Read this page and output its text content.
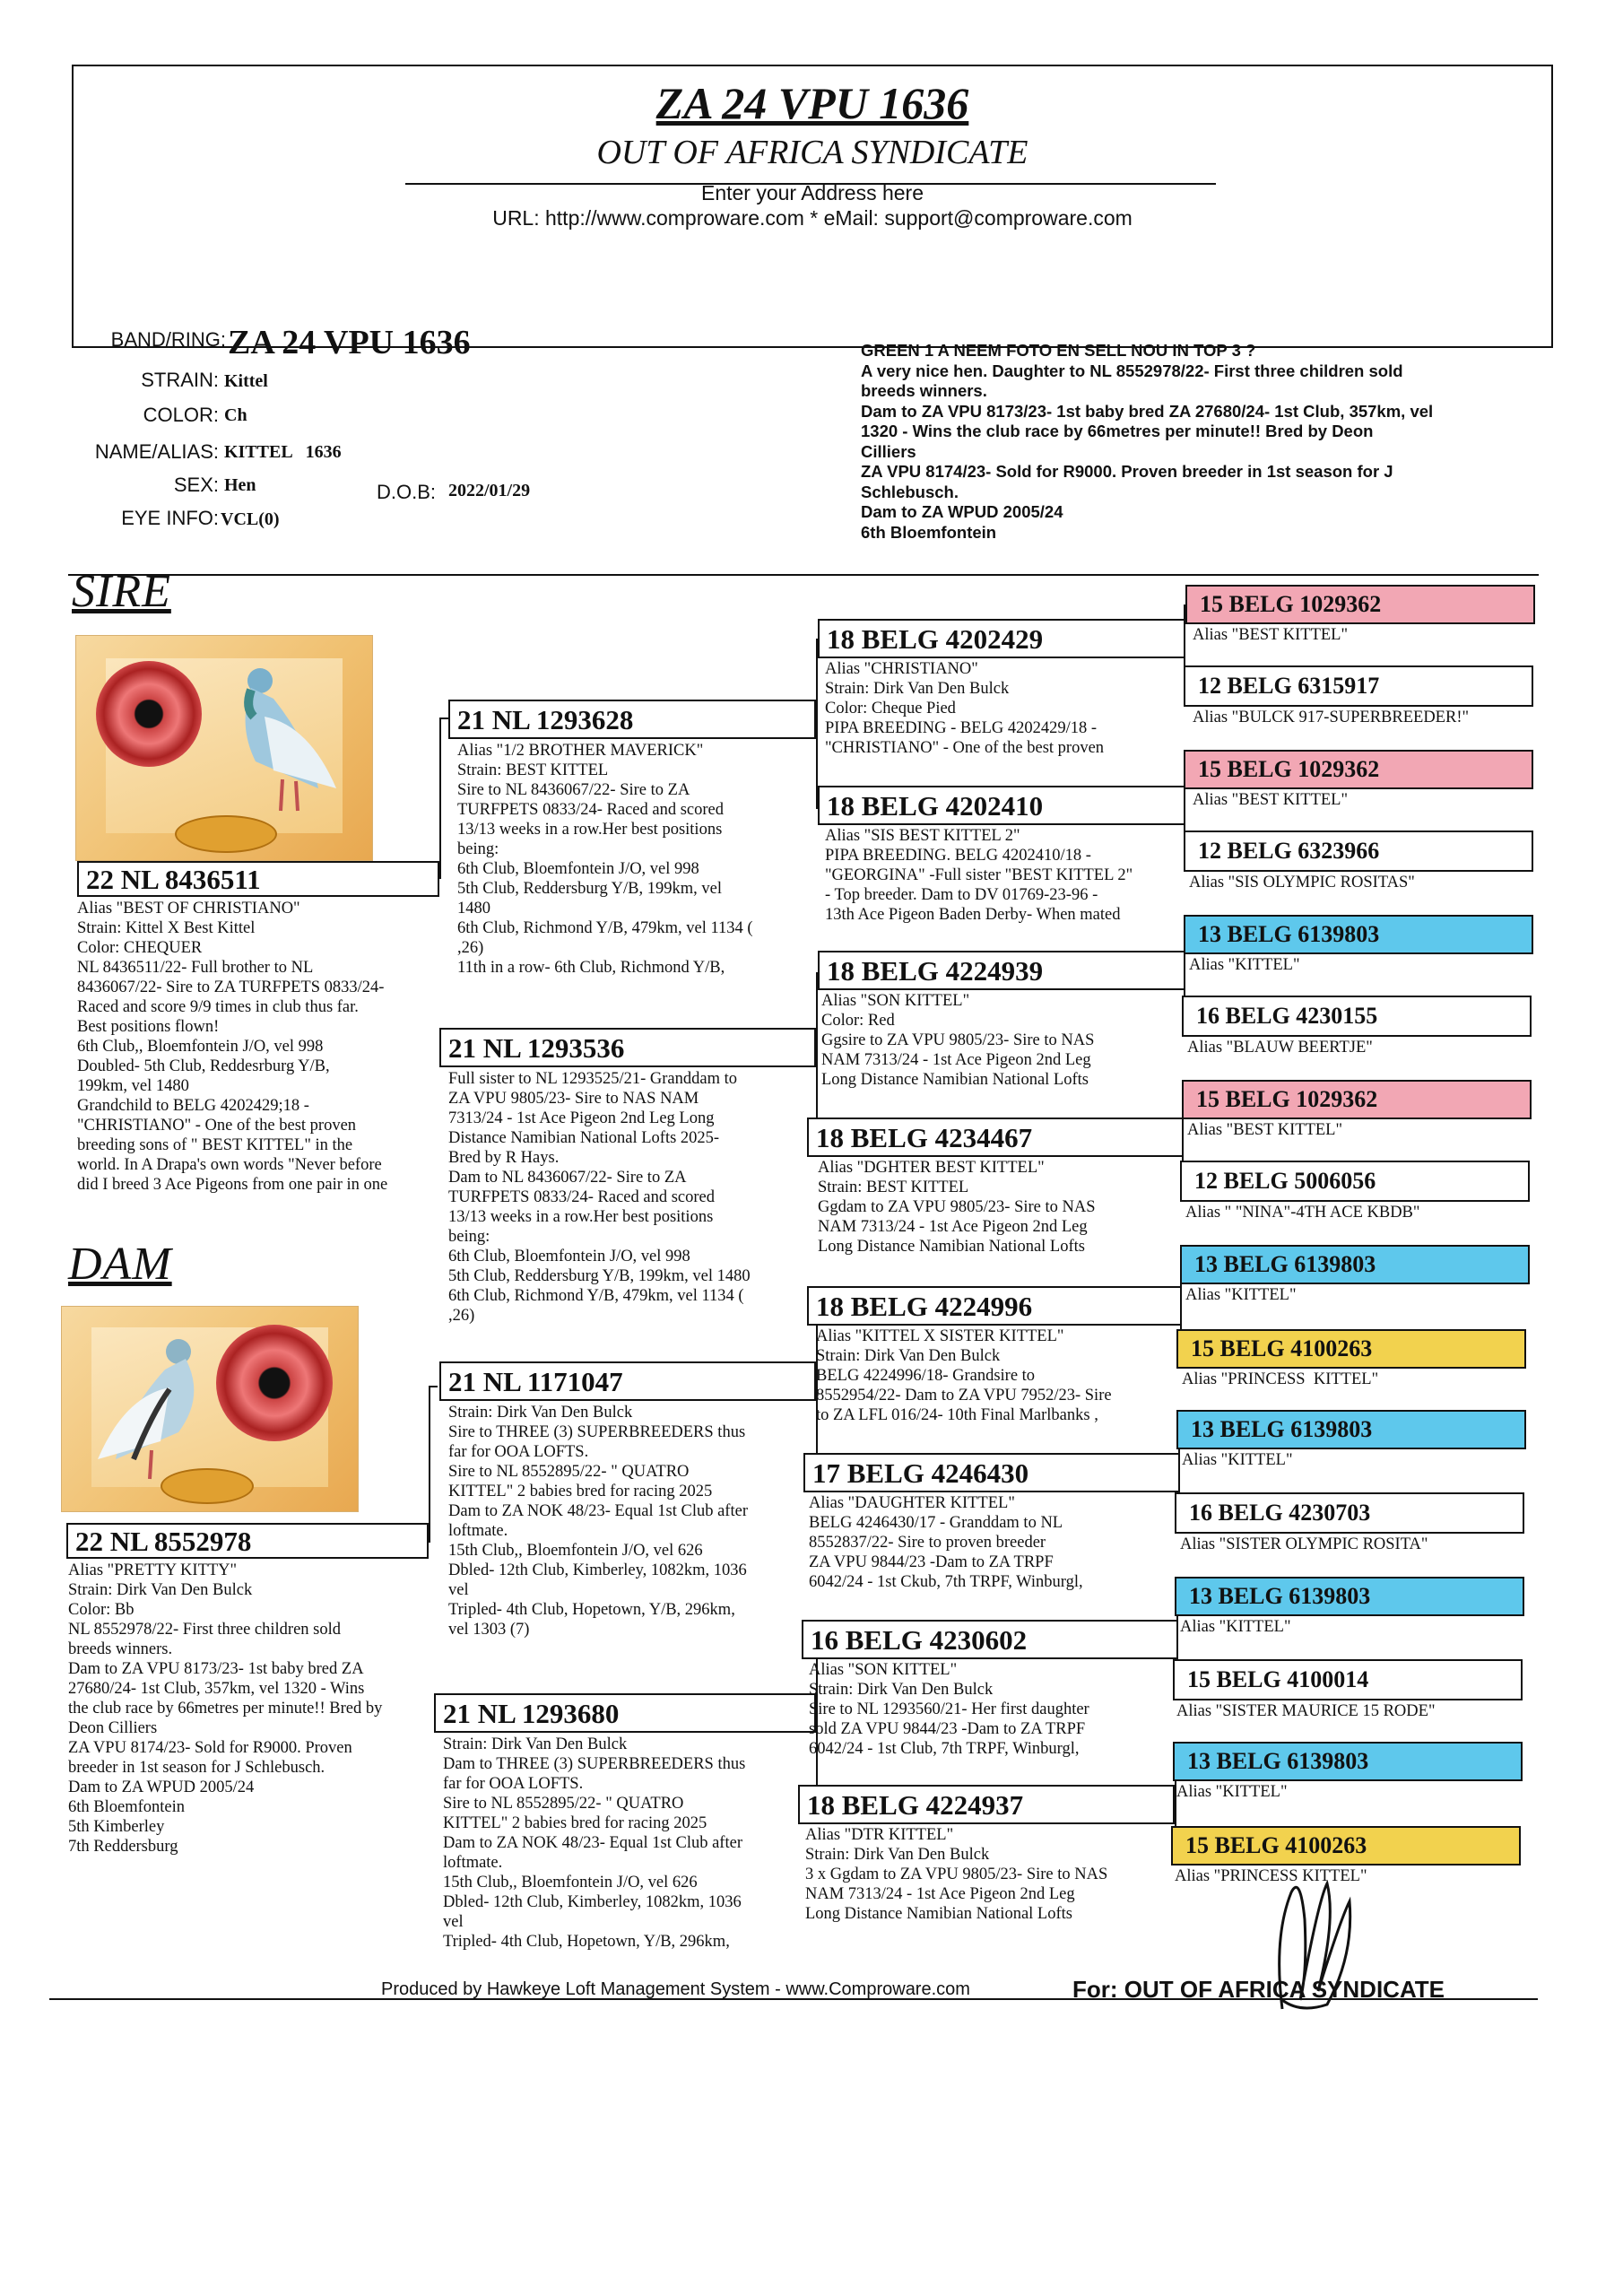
ZA 24 VPU 1636
OUT OF AFRICA SYNDICATE
Enter your Address here
URL: http://www.comproware.com * eMail: support@comproware.com
BAND/RING: ZA 24 VPU 1636
STRAIN: Kittel
COLOR: Ch
NAME/ALIAS: KITTEL   1636
SEX: Hen	D.O.B: 2022/01/29
EYE INFO: VCL(0)
GREEN 1 A NEEM FOTO EN SELL NOU IN TOP 3 ?
A very nice hen. Daughter to NL 8552978/22- First three children sold
breeds winners.
Dam to ZA VPU 8173/23- 1st baby bred ZA 27680/24- 1st Club, 357km, vel
1320 - Wins the club race by 66metres per minute!! Bred by Deon
Cilliers
ZA VPU 8174/23- Sold for R9000. Proven breeder in 1st season for J
Schlebusch.
Dam to ZA WPUD 2005/24
6th Bloemfontein
SIRE
22 NL 8436511
Alias "BEST OF CHRISTIANO"
Strain: Kittel X Best Kittel
Color: CHEQUER
NL 8436511/22- Full brother to NL
8436067/22- Sire to ZA TURFPETS 0833/24-
Raced and score 9/9 times in club thus far.
Best positions flown!
6th Club,, Bloemfontein J/O, vel 998
Doubled- 5th Club, Reddesrburg Y/B,
199km, vel 1480
Grandchild to BELG 4202429;18 -
"CHRISTIANO" - One of the best proven
breeding sons of " BEST KITTEL" in the
world. In A Drapa's own words "Never before
did I breed 3 Ace Pigeons from one pair in one
DAM
22 NL 8552978
Alias "PRETTY KITTY"
Strain: Dirk Van Den Bulck
Color: Bb
NL 8552978/22- First three children sold
breeds winners.
Dam to ZA VPU 8173/23- 1st baby bred ZA
27680/24- 1st Club, 357km, vel 1320 - Wins
the club race by 66metres per minute!! Bred by
Deon Cilliers
ZA VPU 8174/23- Sold for R9000. Proven
breeder in 1st season for J Schlebusch.
Dam to ZA WPUD 2005/24
6th Bloemfontein
5th Kimberley
7th Reddersburg
21 NL 1293628
Alias "1/2 BROTHER MAVERICK"
Strain: BEST KITTEL
Sire to NL 8436067/22- Sire to ZA
TURFPETS 0833/24- Raced and scored
13/13 weeks in a row.Her best positions
being:
6th Club, Bloemfontein J/O, vel 998
5th Club, Reddersburg Y/B, 199km, vel
1480
6th Club, Richmond Y/B, 479km, vel 1134 (
,26)
11th in a row- 6th Club, Richmond Y/B,
21 NL 1293536
Full sister to NL 1293525/21- Granddam to
ZA VPU 9805/23- Sire to NAS NAM
7313/24 - 1st Ace Pigeon 2nd Leg Long
Distance Namibian National Lofts 2025-
Bred by R Hays.
Dam to NL 8436067/22- Sire to ZA
TURFPETS 0833/24- Raced and scored
13/13 weeks in a row.Her best positions
being:
6th Club, Bloemfontein J/O, vel 998
5th Club, Reddersburg Y/B, 199km, vel 1480
6th Club, Richmond Y/B, 479km, vel 1134 (
,26)
21 NL 1171047
Strain: Dirk Van Den Bulck
Sire to THREE (3) SUPERBREEDERS thus
far for OOA LOFTS.
Sire to NL 8552895/22- " QUATRO
KITTEL" 2 babies bred for racing 2025
Dam to ZA NOK 48/23- Equal 1st Club after
loftmate.
15th Club,, Bloemfontein J/O, vel 626
Dbled- 12th Club, Kimberley, 1082km, 1036
vel
Tripled- 4th Club, Hopetown, Y/B, 296km,
vel 1303 (7)
21 NL 1293680
Strain: Dirk Van Den Bulck
Dam to THREE (3) SUPERBREEDERS thus
far for OOA LOFTS.
Sire to NL 8552895/22- " QUATRO
KITTEL" 2 babies bred for racing 2025
Dam to ZA NOK 48/23- Equal 1st Club after
loftmate.
15th Club,, Bloemfontein J/O, vel 626
Dbled- 12th Club, Kimberley, 1082km, 1036
vel
Tripled- 4th Club, Hopetown, Y/B, 296km,
18 BELG 4202429
Alias "CHRISTIANO"
Strain: Dirk Van Den Bulck
Color: Cheque Pied
PIPA BREEDING - BELG 4202429/18 -
"CHRISTIANO" - One of the best proven
18 BELG 4202410
Alias "SIS BEST KITTEL 2"
PIPA BREEDING. BELG 4202410/18 -
"GEORGINA" -Full sister "BEST KITTEL 2"
- Top breeder. Dam to DV 01769-23-96 -
13th Ace Pigeon Baden Derby- When mated
18 BELG 4224939
Alias "SON KITTEL"
Color: Red
Ggsire to ZA VPU 9805/23- Sire to NAS
NAM 7313/24 - 1st Ace Pigeon 2nd Leg
Long Distance Namibian National Lofts
18 BELG 4234467
Alias "DGHTER BEST KITTEL"
Strain: BEST KITTEL
Ggdam to ZA VPU 9805/23- Sire to NAS
NAM 7313/24 - 1st Ace Pigeon 2nd Leg
Long Distance Namibian National Lofts
18 BELG 4224996
Alias "KITTEL X SISTER KITTEL"
Strain: Dirk Van Den Bulck
BELG 4224996/18- Grandsire to
8552954/22- Dam to ZA VPU 7952/23- Sire
to ZA LFL 016/24- 10th Final Marlbanks ,
17 BELG 4246430
Alias "DAUGHTER KITTEL"
BELG 4246430/17 - Granddam to NL
8552837/22- Sire to proven breeder
ZA VPU 9844/23 -Dam to ZA TRPF
6042/24 - 1st Ckub, 7th TRPF, Winburgl,
16 BELG 4230602
Alias "SON KITTEL"
Strain: Dirk Van Den Bulck
Sire to NL 1293560/21- Her first daughter
sold ZA VPU 9844/23 -Dam to ZA TRPF
6042/24 - 1st Club, 7th TRPF, Winburgl,
18 BELG 4224937
Alias "DTR KITTEL"
Strain: Dirk Van Den Bulck
3 x Ggdam to ZA VPU 9805/23- Sire to NAS
NAM 7313/24 - 1st Ace Pigeon 2nd Leg
Long Distance Namibian National Lofts
15 BELG 1029362
Alias "BEST KITTEL"
12 BELG 6315917
Alias "BULCK 917-SUPERBREEDER!"
15 BELG 1029362
Alias "BEST KITTEL"
12 BELG 6323966
Alias "SIS OLYMPIC ROSITAS"
13 BELG 6139803
Alias "KITTEL"
16 BELG 4230155
Alias "BLAUW BEERTJE"
15 BELG 1029362
Alias "BEST KITTEL"
12 BELG 5006056
Alias " "NINA"-4TH ACE KBDB"
13 BELG 6139803
Alias "KITTEL"
15 BELG 4100263
Alias "PRINCESS  KITTEL"
13 BELG 6139803
Alias "KITTEL"
16 BELG 4230703
Alias "SISTER OLYMPIC ROSITA"
13 BELG 6139803
Alias "KITTEL"
15 BELG 4100014
Alias "SISTER MAURICE 15 RODE"
13 BELG 6139803
Alias "KITTEL"
15 BELG 4100263
Alias "PRINCESS KITTEL"
Produced by Hawkeye Loft Management System - www.Comproware.com	For: OUT OF AFRICA SYNDICATE
